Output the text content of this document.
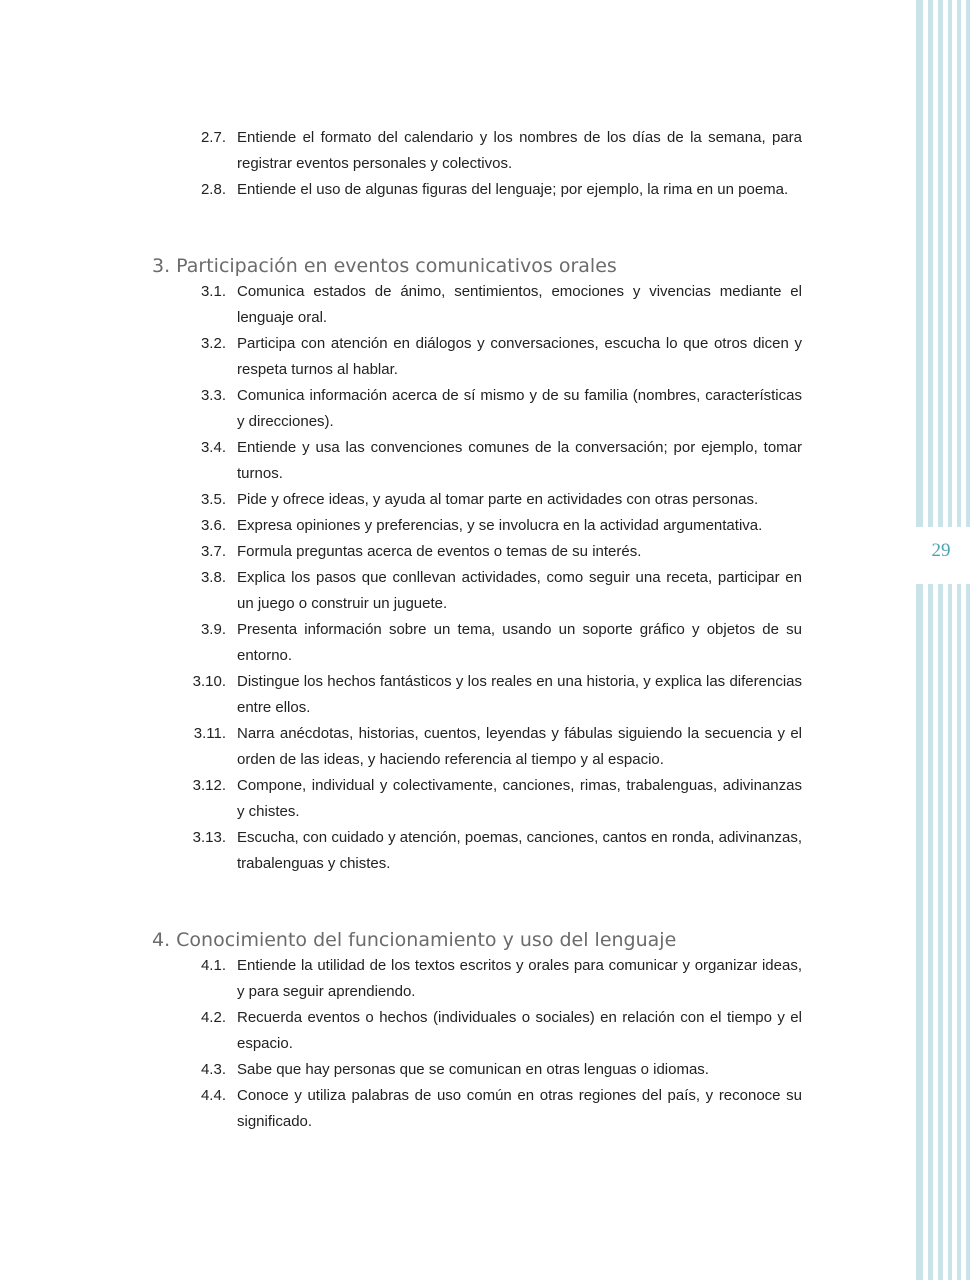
29
2.7. Entiende el formato del calendario y los nombres de los días de la semana, para registrar eventos personales y colectivos.
2.8. Entiende el uso de algunas figuras del lenguaje; por ejemplo, la rima en un poema.
3. Participación en eventos comunicativos orales
3.1. Comunica estados de ánimo, sentimientos, emociones y vivencias mediante el lenguaje oral.
3.2. Participa con atención en diálogos y conversaciones, escucha lo que otros dicen y respeta turnos al hablar.
3.3. Comunica información acerca de sí mismo y de su familia (nombres, características y direcciones).
3.4. Entiende y usa las convenciones comunes de la conversación; por ejemplo, tomar turnos.
3.5. Pide y ofrece ideas, y ayuda al tomar parte en actividades con otras personas.
3.6. Expresa opiniones y preferencias, y se involucra en la actividad argumentativa.
3.7. Formula preguntas acerca de eventos o temas de su interés.
3.8. Explica los pasos que conllevan actividades, como seguir una receta, participar en un juego o construir un juguete.
3.9. Presenta información sobre un tema, usando un soporte gráfico y objetos de su entorno.
3.10. Distingue los hechos fantásticos y los reales en una historia, y explica las diferencias entre ellos.
3.11. Narra anécdotas, historias, cuentos, leyendas y fábulas siguiendo la secuencia y el orden de las ideas, y haciendo referencia al tiempo y al espacio.
3.12. Compone, individual y colectivamente, canciones, rimas, trabalenguas, adivinanzas y chistes.
3.13. Escucha, con cuidado y atención, poemas, canciones, cantos en ronda, adivinanzas, trabalenguas y chistes.
4. Conocimiento del funcionamiento y uso del lenguaje
4.1. Entiende la utilidad de los textos escritos y orales para comunicar y organizar ideas, y para seguir aprendiendo.
4.2. Recuerda eventos o hechos (individuales o sociales) en relación con el tiempo y el espacio.
4.3. Sabe que hay personas que se comunican en otras lenguas o idiomas.
4.4. Conoce y utiliza palabras de uso común en otras regiones del país, y reconoce su significado.
